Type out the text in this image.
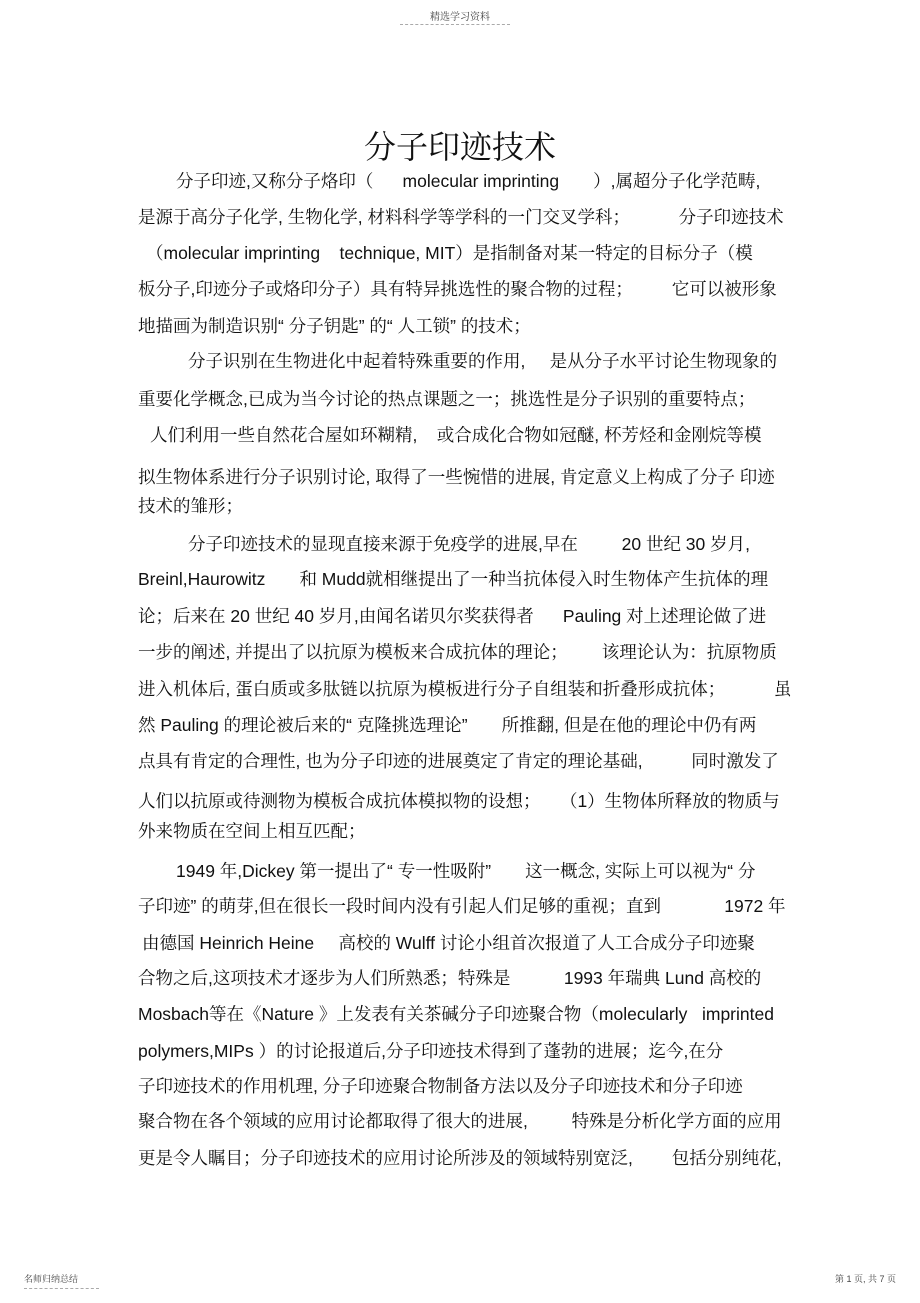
精选学习资料
分子印迹技术
分子印迹,又称分子烙印（      molecular imprinting       ）,属超分子化学范畴,
是源于高分子化学, 生物化学, 材料科学等学科的一门交叉学科；          分子印迹技术
（molecular imprinting    technique, MIT）是指制备对某一特定的目标分子（模
板分子,印迹分子或烙印分子）具有特异挑选性的聚合物的过程；        它可以被形象
地描画为制造识别“ 分子钥匙” 的“ 人工锁” 的技术；
分子识别在生物进化中起着特殊重要的作用,     是从分子水平讨论生物现象的
重要化学概念,已成为当今讨论的热点课题之一；挑选性是分子识别的重要特点；
人们利用一些自然花合屋如环糊精,    或合成化合物如冠醚, 杯芳烃和金刚烷等模
拟生物体系进行分子识别讨论, 取得了一些惋惜的进展, 肯定意义上构成了分子 印迹
技术的雏形；
分子印迹技术的显现直接来源于免疫学的进展,早在         20 世纪 30 岁月,
Breinl,Haurowitz       和 Mudd就相继提出了一种当抗体侵入时生物体产生抗体的理
论；后来在 20 世纪 40 岁月,由闻名诺贝尔奖获得者      Pauling 对上述理论做了进
一步的阐述, 并提出了以抗原为模板来合成抗体的理论；       该理论认为：抗原物质
进入机体后, 蛋白质或多肽链以抗原为模板进行分子自组装和折叠形成抗体；          虽
然 Pauling 的理论被后来的“ 克隆挑选理论”       所推翻, 但是在他的理论中仍有两
点具有肯定的合理性, 也为分子印迹的进展奠定了肯定的理论基础,          同时激发了
人们以抗原或待测物为模板合成抗体模拟物的设想；    （1）生物体所释放的物质与
外来物质在空间上相互匹配；
1949 年,Dickey 第一提出了“ 专一性吸附”       这一概念, 实际上可以视为“ 分
子印迹” 的萌芽,但在很长一段时间内没有引起人们足够的重视；直到             1972 年
由德国 Heinrich Heine     高校的 Wulff 讨论小组首次报道了人工合成分子印迹聚
合物之后,这项技术才逐步为人们所熟悉；特殊是           1993 年瑞典 Lund 高校的
Mosbach等在《Nature 》上发表有关茶碱分子印迹聚合物（molecularly   imprinted
polymers,MIPs ）的讨论报道后,分子印迹技术得到了蓬勃的进展；迄今,在分
子印迹技术的作用机理, 分子印迹聚合物制备方法以及分子印迹技术和分子印迹
聚合物在各个领域的应用讨论都取得了很大的进展,         特殊是分析化学方面的应用
更是令人瞩目；分子印迹技术的应用讨论所涉及的领域特别宽泛,        包括分别纯花,
名师归纳总结	第 1 页, 共 7 页
